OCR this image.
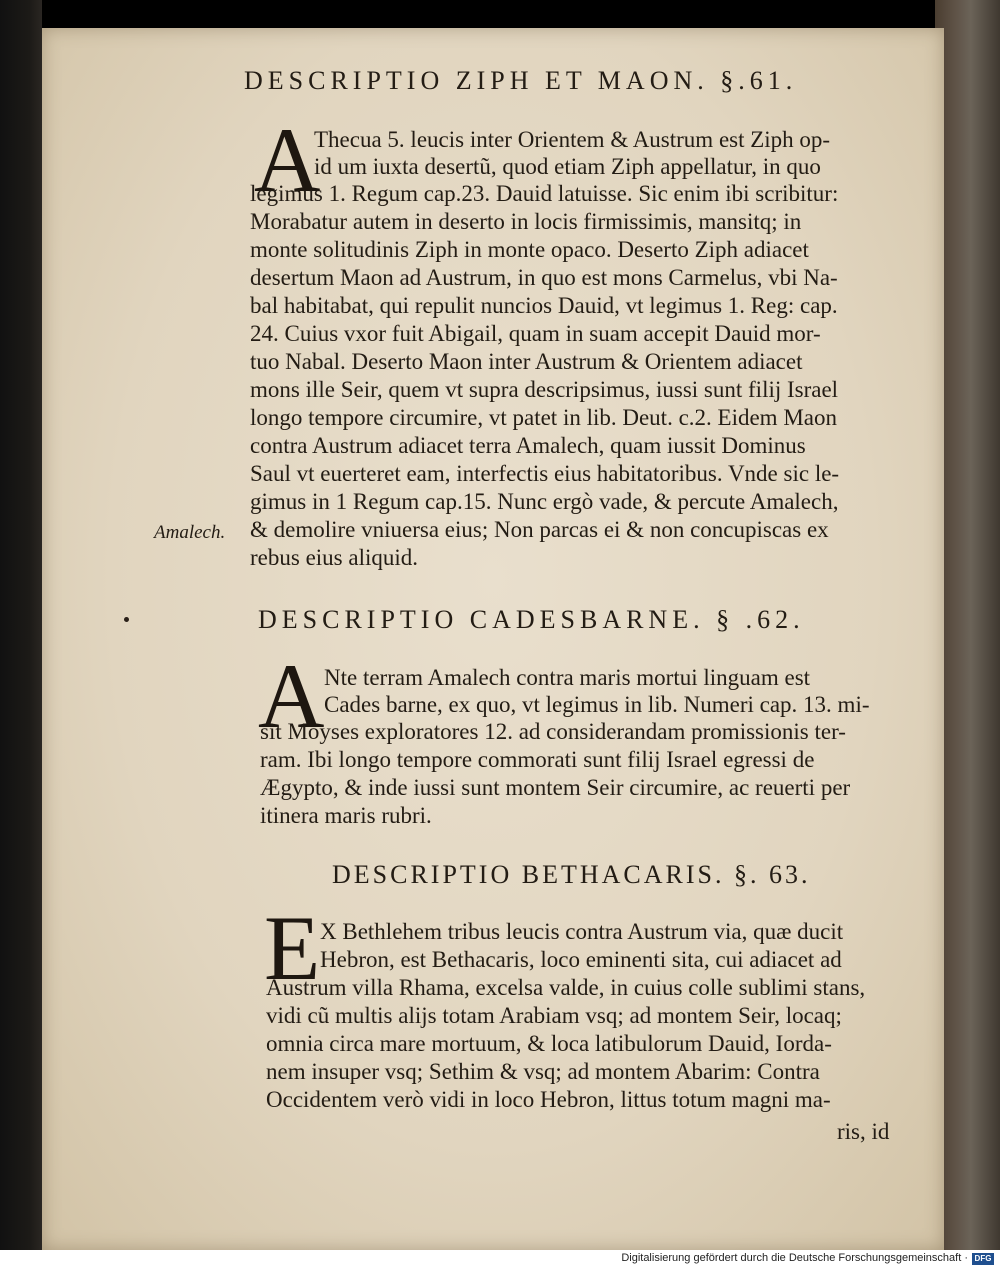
DESCRIPTIO ZIPH ET MAON. §.61.
A
Thecua 5. leucis inter Orientem & Austrum est Ziph op-
id um iuxta desertũ, quod etiam Ziph appellatur, in quo
legimus 1. Regum cap.23. Dauid latuisse. Sic enim ibi scribitur:
Morabatur autem in deserto in locis firmissimis, mansitq; in
monte solitudinis Ziph in monte opaco. Deserto Ziph adiacet
desertum Maon ad Austrum, in quo est mons Carmelus, vbi Na-
bal habitabat, qui repulit nuncios Dauid, vt legimus 1. Reg: cap.
24. Cuius vxor fuit Abigail, quam in suam accepit Dauid mor-
tuo Nabal. Deserto Maon inter Austrum & Orientem adiacet
mons ille Seir, quem vt supra descripsimus, iussi sunt filij Israel
longo tempore circumire, vt patet in lib. Deut. c.2. Eidem Maon
contra Austrum adiacet terra Amalech, quam iussit Dominus
Saul vt euerteret eam, interfectis eius habitatoribus. Vnde sic le-
gimus in 1 Regum cap.15. Nunc ergò vade, & percute Amalech,
& demolire vniuersa eius; Non parcas ei & non concupiscas ex
rebus eius aliquid.
Amalech.
DESCRIPTIO CADESBARNE. § .62.
A Nte terram Amalech contra maris mortui linguam est
Cades barne, ex quo, vt legimus in lib. Numeri cap. 13. mi-
sit Moyses exploratores 12. ad considerandam promissionis ter-
ram. Ibi longo tempore commorati sunt filij Israel egressi de
Ægypto, & inde iussi sunt montem Seir circumire, ac reuerti per
itinera maris rubri.
DESCRIPTIO BETHACARIS. §. 63.
E X Bethlehem tribus leucis contra Austrum via, quæ ducit
Hebron, est Bethacaris, loco eminenti sita, cui adiacet ad
Austrum villa Rhama, excelsa valde, in cuius colle sublimi stans,
vidi cũ multis alijs totam Arabiam vsq; ad montem Seir, locaq;
omnia circa mare mortuum, & loca latibulorum Dauid, Iorda-
nem insuper vsq; Sethim & vsq; ad montem Abarim: Contra
Occidentem verò vidi in loco Hebron, littus totum magni ma-
ris, id
Digitalisierung gefördert durch die Deutsche Forschungsgemeinschaft · DFG
